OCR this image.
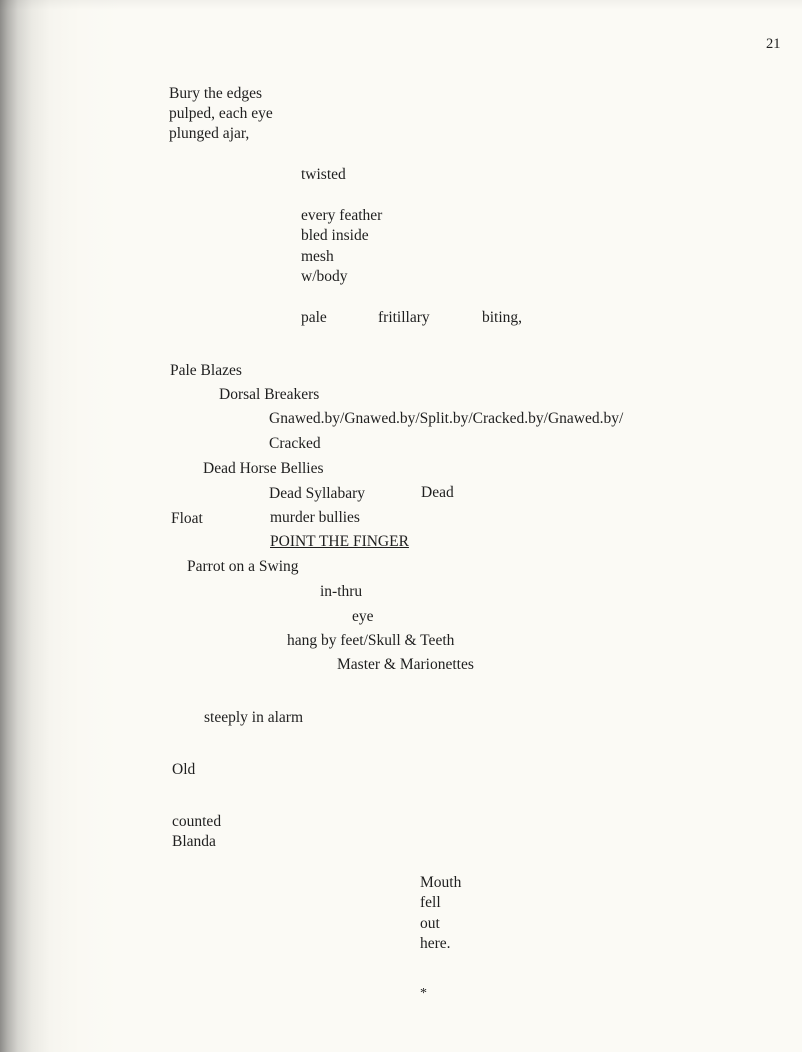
21
Bury the edges
pulped, each eye
plunged ajar,
twisted
every feather
bled inside
mesh
w/body
pale	fritillary	biting,
Pale Blazes
Dorsal Breakers
Gnawed.by/Gnawed.by/Split.by/Cracked.by/Gnawed.by/
Cracked
Dead Horse Bellies
Dead Syllabary	Dead
Float	murder bullies
POINT THE FINGER
Parrot on a Swing
in-thru
eye
hang by feet/Skull & Teeth
Master & Marionettes
steeply in alarm
Old
counted
Blanda
Mouth
fell
out
here.
*
